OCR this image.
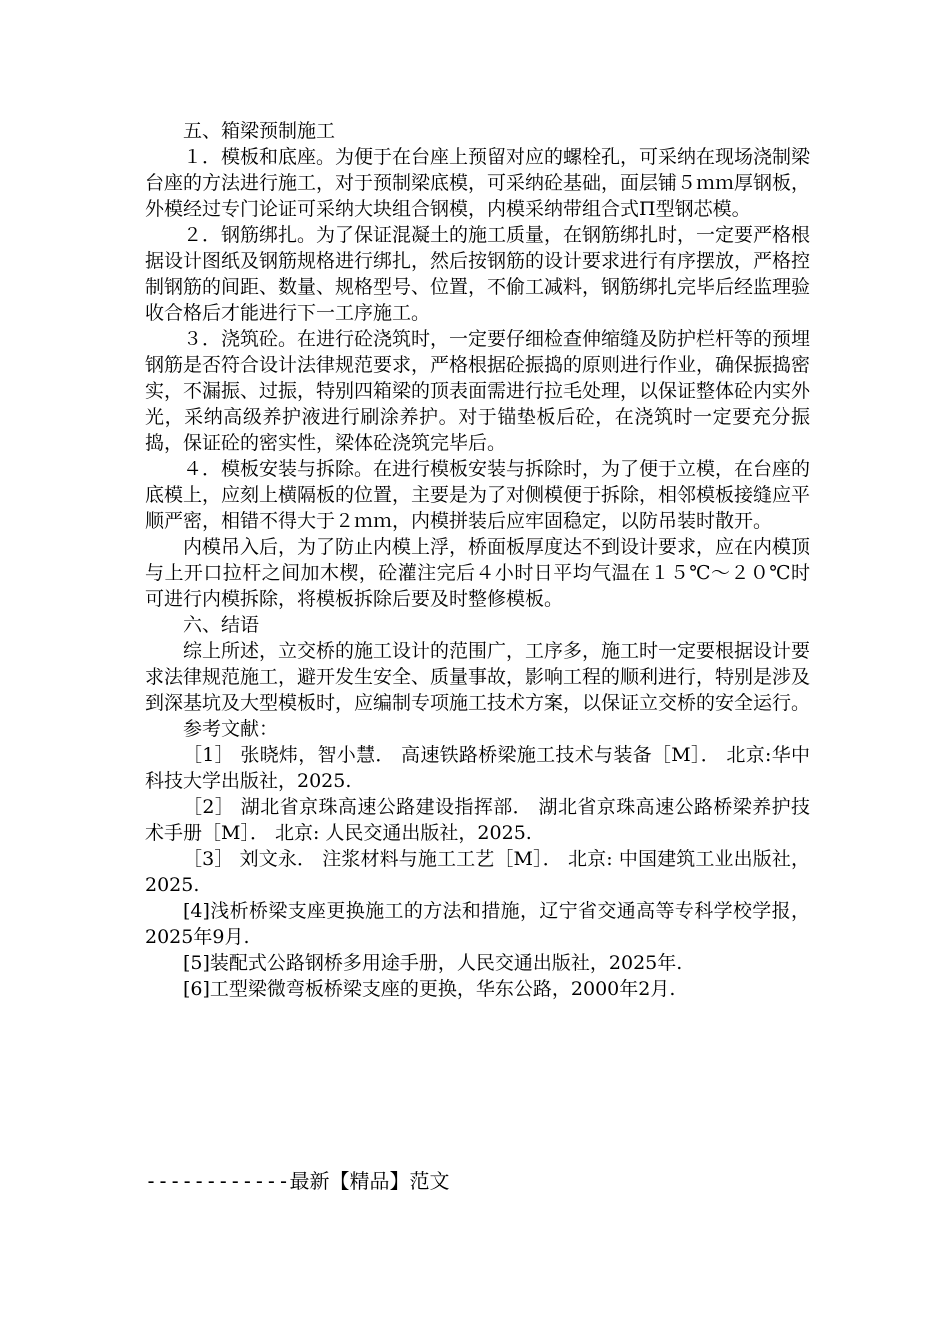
五、箱梁预制施工

１．模板和底座。为便于在台座上预留对应的螺栓孔，可采纳在现场浇制梁台座的方法进行施工，对于预制梁底模，可采纳砼基础，面层铺５ｍｍ厚钢板，外模经过专门论证可采纳大块组合钢模，内模采纳带组合式Π型钢芯模。

２．钢筋绑扎。为了保证混凝土的施工质量，在钢筋绑扎时，一定要严格根据设计图纸及钢筋规格进行绑扎，然后按钢筋的设计要求进行有序摆放，严格控制钢筋的间距、数量、规格型号、位置，不偷工减料，钢筋绑扎完毕后经监理验收合格后才能进行下一工序施工。

３．浇筑砼。在进行砼浇筑时，一定要仔细检查伸缩缝及防护栏杆等的预埋钢筋是否符合设计法律规范要求，严格根据砼振捣的原则进行作业，确保振捣密实，不漏振、过振，特别四箱梁的顶表面需进行拉毛处理，以保证整体砼内实外光，采纳高级养护液进行刷涂养护。对于锚垫板后砼，在浇筑时一定要充分振捣，保证砼的密实性，梁体砼浇筑完毕后。

４．模板安装与拆除。在进行模板安装与拆除时，为了便于立模，在台座的底模上，应刻上横隔板的位置，主要是为了对侧模便于拆除，相邻模板接缝应平顺严密，相错不得大于２ｍｍ，内模拼装后应牢固稳定，以防吊装时散开。

内模吊入后，为了防止内模上浮，桥面板厚度达不到设计要求，应在内模顶与上开口拉杆之间加木楔，砼灌注完后４小时日平均气温在１５℃～２０℃时可进行内模拆除，将模板拆除后要及时整修模板。

六、结语

综上所述，立交桥的施工设计的范围广，工序多，施工时一定要根据设计要求法律规范施工，避开发生安全、质量事故，影响工程的顺利进行，特别是涉及到深基坑及大型模板时，应编制专项施工技术方案，以保证立交桥的安全运行。

参考文献：

［1］ 张晓炜，智小慧． 高速铁路桥梁施工技术与装备［M］． 北京:华中科技大学出版社，2025.

［2］ 湖北省京珠高速公路建设指挥部． 湖北省京珠高速公路桥梁养护技术手册［M］． 北京: 人民交通出版社，2025.

［3］ 刘文永． 注浆材料与施工工艺［M］． 北京: 中国建筑工业出版社，2025.

[4]浅析桥梁支座更换施工的方法和措施，辽宁省交通高等专科学校学报，2025年9月.

[5]装配式公路钢桥多用途手册，人民交通出版社，2025年.

[6]工型梁微弯板桥梁支座的更换，华东公路，2000年2月.

------------最新【精品】范文
